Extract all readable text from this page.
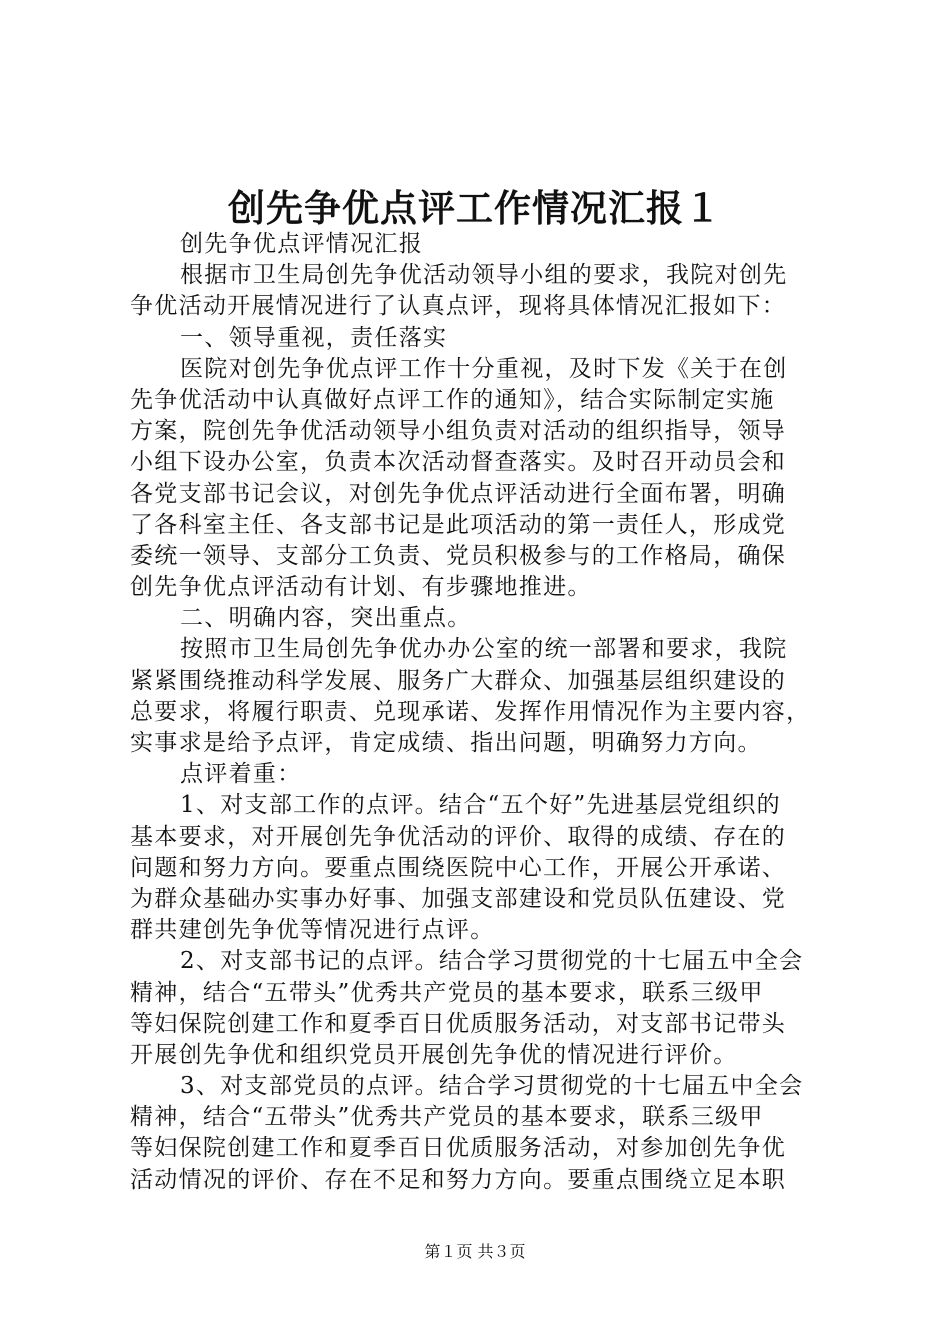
创先争优点评工作情况汇报１
创先争优点评情况汇报
根据市卫生局创先争优活动领导小组的要求，我院对创先
争优活动开展情况进行了认真点评，现将具体情况汇报如下：
一、领导重视，责任落实
医院对创先争优点评工作十分重视，及时下发《关于在创
先争优活动中认真做好点评工作的通知》，结合实际制定实施
方案，院创先争优活动领导小组负责对活动的组织指导，领导
小组下设办公室，负责本次活动督查落实。及时召开动员会和
各党支部书记会议，对创先争优点评活动进行全面布署，明确
了各科室主任、各支部书记是此项活动的第一责任人，形成党
委统一领导、支部分工负责、党员积极参与的工作格局，确保
创先争优点评活动有计划、有步骤地推进。
二、明确内容，突出重点。
按照市卫生局创先争优办办公室的统一部署和要求，我院
紧紧围绕推动科学发展、服务广大群众、加强基层组织建设的
总要求，将履行职责、兑现承诺、发挥作用情况作为主要内容，
实事求是给予点评，肯定成绩、指出问题，明确努力方向。
点评着重：
1、对支部工作的点评。结合“五个好”先进基层党组织的
基本要求，对开展创先争优活动的评价、取得的成绩、存在的
问题和努力方向。要重点围绕医院中心工作，开展公开承诺、
为群众基础办实事办好事、加强支部建设和党员队伍建设、党
群共建创先争优等情况进行点评。
2、对支部书记的点评。结合学习贯彻党的十七届五中全会
精神，结合“五带头”优秀共产党员的基本要求，联系三级甲
等妇保院创建工作和夏季百日优质服务活动，对支部书记带头
开展创先争优和组织党员开展创先争优的情况进行评价。
3、对支部党员的点评。结合学习贯彻党的十七届五中全会
精神，结合“五带头”优秀共产党员的基本要求，联系三级甲
等妇保院创建工作和夏季百日优质服务活动，对参加创先争优
活动情况的评价、存在不足和努力方向。要重点围绕立足本职
第１页 共３页
